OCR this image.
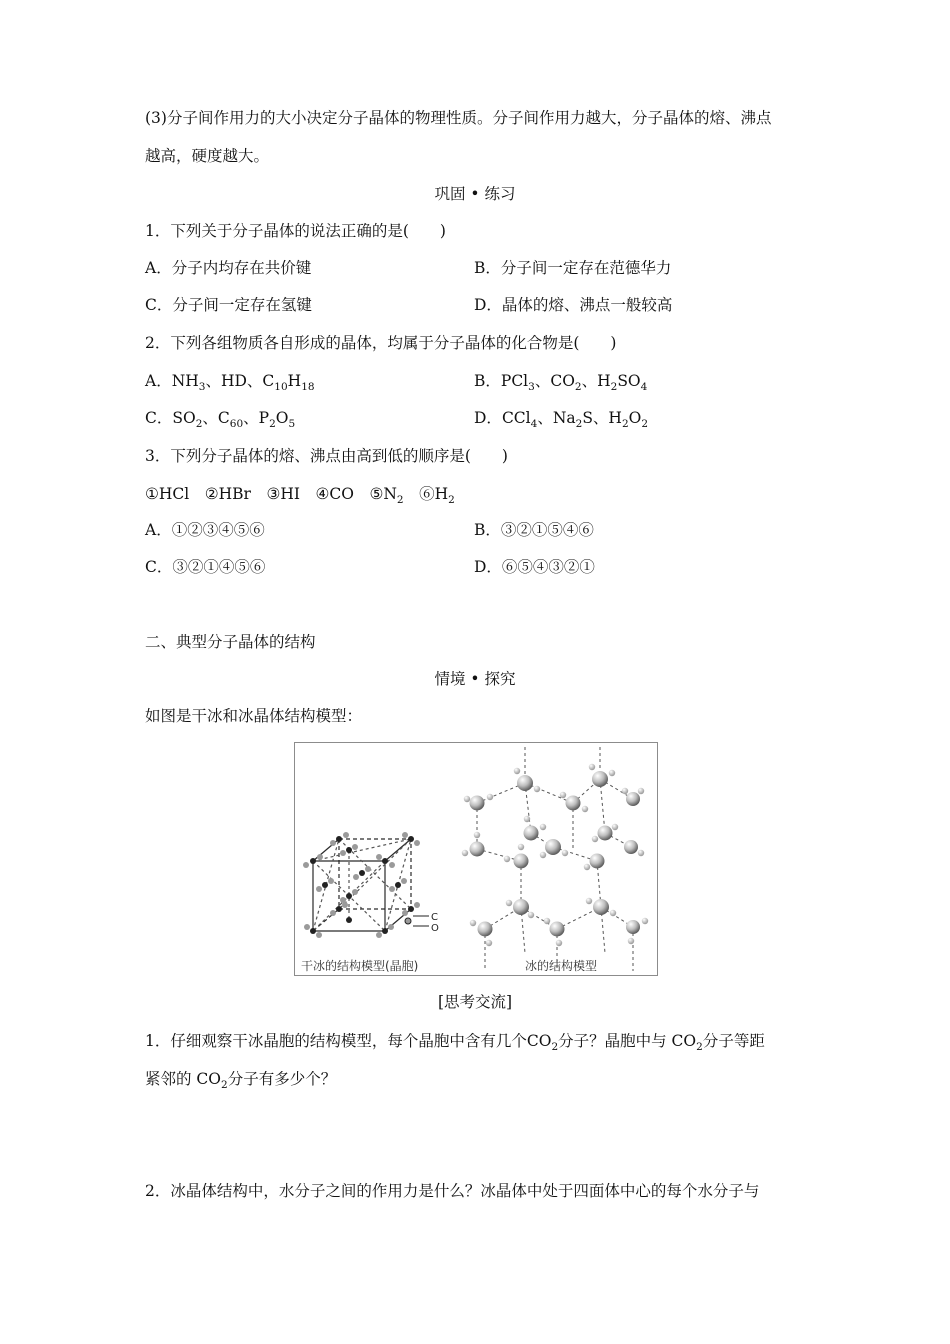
(3)分子间作用力的大小决定分子晶体的物理性质。分子间作用力越大，分子晶体的熔、沸点
越高，硬度越大。
巩固 • 练习
1．下列关于分子晶体的说法正确的是(　　)
A．分子内均存在共价键	B．分子间一定存在范德华力
C．分子间一定存在氢键	D．晶体的熔、沸点一般较高
2．下列各组物质各自形成的晶体，均属于分子晶体的化合物是(　　)
A．$NH_3$、HD、$C_{10}H_{18}$	B．PCl$_3$、$CO_2$、$H_2SO_4$
C．$SO_2$、$C_{60}$、$P_2O_5$	D．CCl$_4$、$Na_2S$、$H_2O_2$
3．下列分子晶体的熔、沸点由高到低的顺序是(　　)
①HCl　②HBr　③HI　④CO　$⑤N_2$　$⑥H_2$
A．①②③④⑤⑥	B．③②①⑤④⑥
C．③②①④⑤⑥	D．⑥⑤④③②①
二、典型分子晶体的结构
情境 • 探究
如图是干冰和冰晶体结构模型：
C
O
干冰的结构模型(晶胞)	冰的结构模型
[思考交流]
1．仔细观察干冰晶胞的结构模型，每个晶胞中含有几个$CO_2$分子？晶胞中与 $CO_2$分子等距
紧邻的 $CO_2$分子有多少个？
2．冰晶体结构中，水分子之间的作用力是什么？冰晶体中处于四面体中心的每个水分子与
